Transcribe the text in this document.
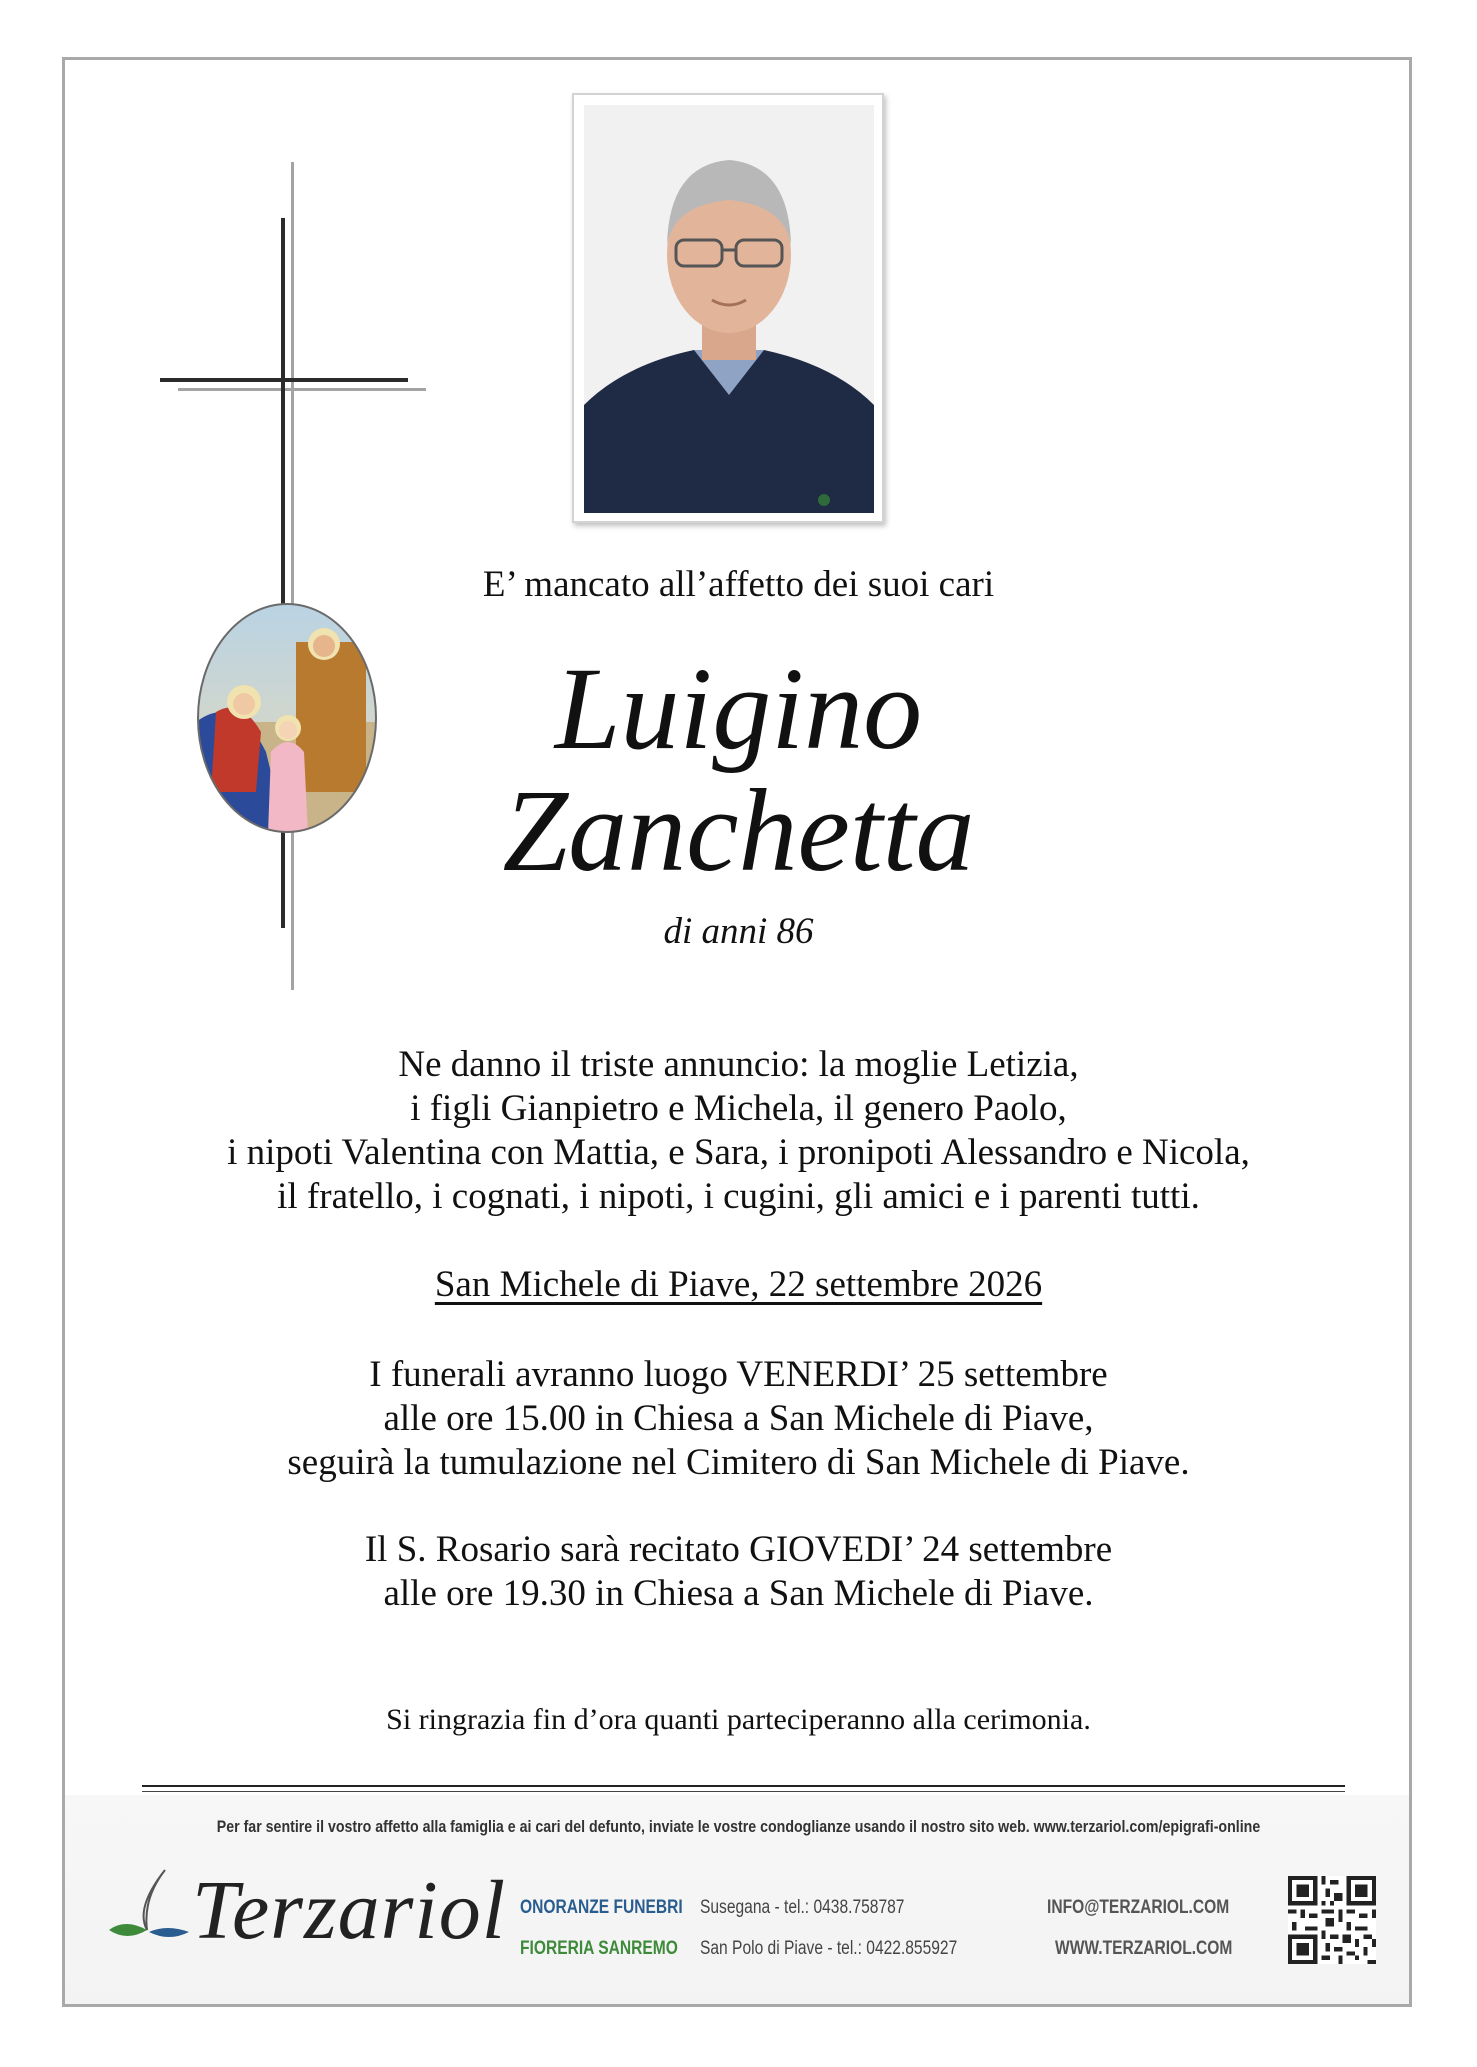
E’ mancato all’affetto dei suoi cari
Luigino
Zanchetta
di anni 86
Ne danno il triste annuncio: la moglie Letizia,
i figli Gianpietro e Michela, il genero Paolo,
i nipoti Valentina con Mattia, e Sara, i pronipoti Alessandro e Nicola,
il fratello, i cognati, i nipoti, i cugini, gli amici e i parenti tutti.
San Michele di Piave, 22 settembre 2026
I funerali avranno luogo VENERDI’ 25 settembre
alle ore 15.00 in Chiesa a San Michele di Piave,
seguirà la tumulazione nel Cimitero di San Michele di Piave.
Il S. Rosario sarà recitato GIOVEDI’ 24 settembre
alle ore 19.30 in Chiesa a San Michele di Piave.
Si ringrazia fin d’ora quanti parteciperanno alla cerimonia.
Per far sentire il vostro affetto alla famiglia e ai cari del defunto, inviate le vostre condoglianze usando il nostro sito web. www.terzariol.com/epigrafi-online
Terzariol ONORANZE FUNEBRI
FIORERIA SANREMO
Susegana - tel.: 0438.758787
San Polo di Piave - tel.: 0422.855927
INFO@TERZARIOL.COM
WWW.TERZARIOL.COM
